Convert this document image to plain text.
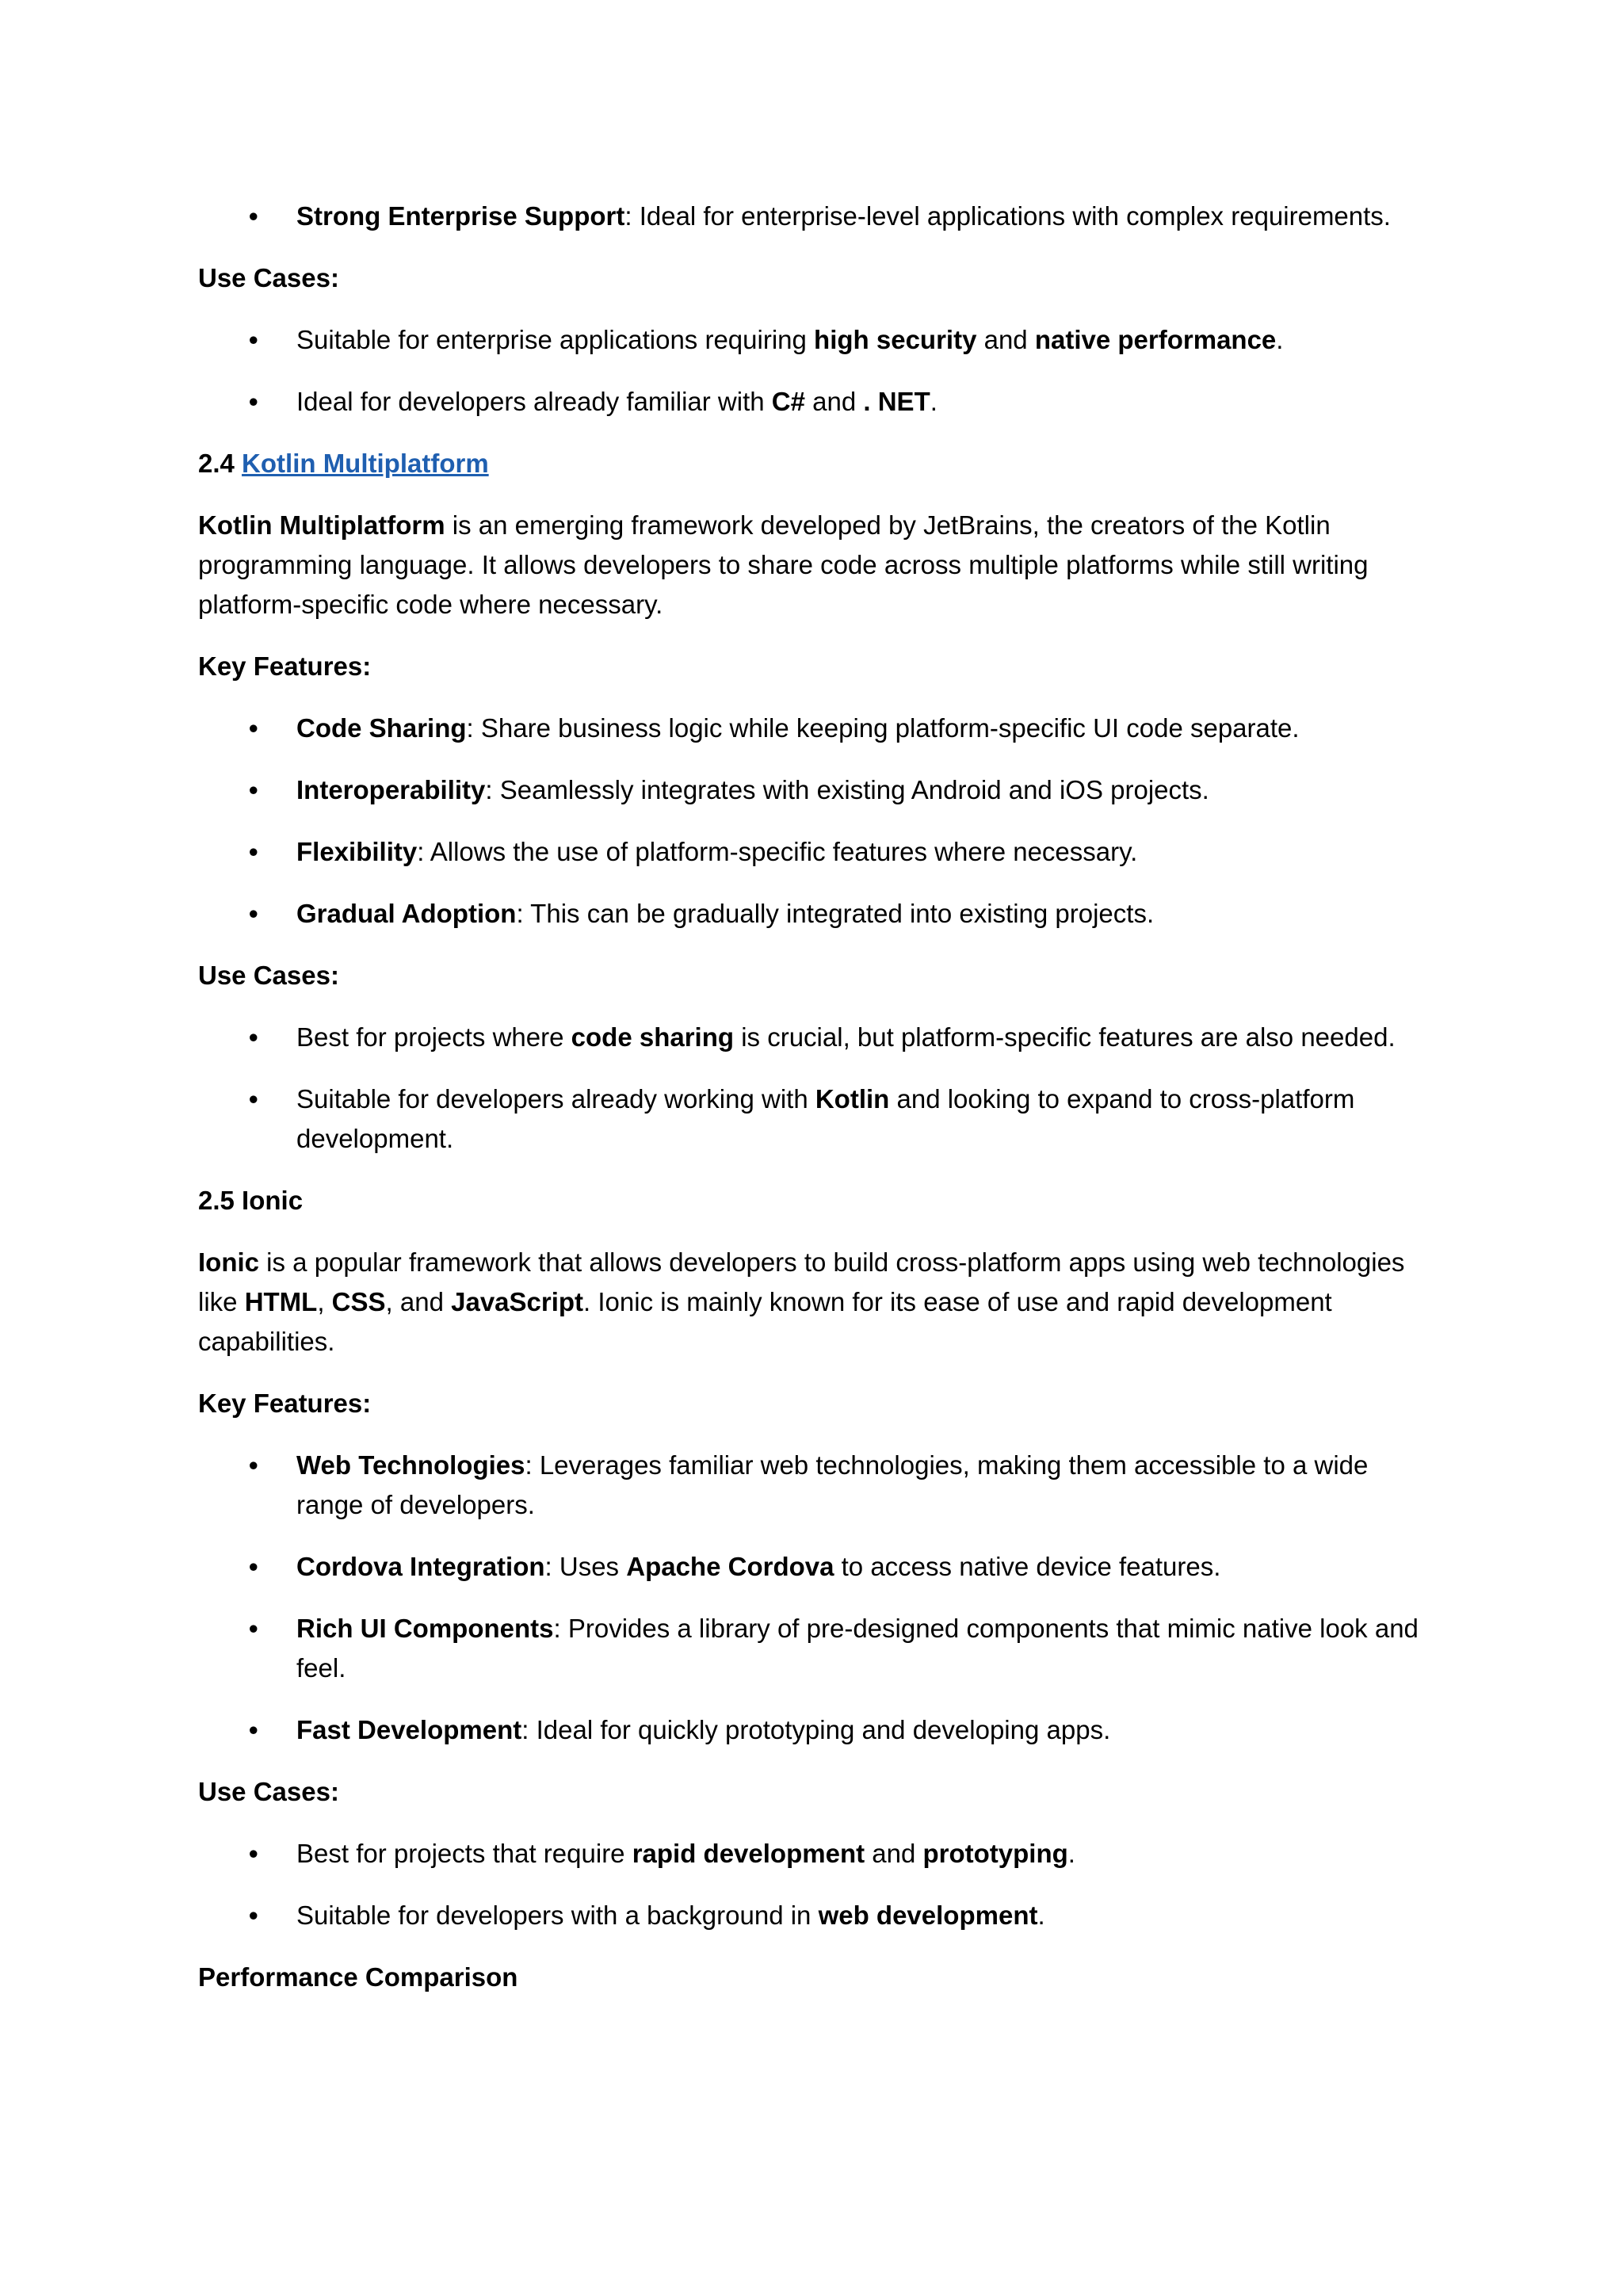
• Strong Enterprise Support: Ideal for enterprise-level applications with complex requirements.

Use Cases:

• Suitable for enterprise applications requiring high security and native performance.
• Ideal for developers already familiar with C# and . NET.

2.4 Kotlin Multiplatform

Kotlin Multiplatform is an emerging framework developed by JetBrains, the creators of the Kotlin programming language. It allows developers to share code across multiple platforms while still writing platform-specific code where necessary.

Key Features:

• Code Sharing: Share business logic while keeping platform-specific UI code separate.
• Interoperability: Seamlessly integrates with existing Android and iOS projects.
• Flexibility: Allows the use of platform-specific features where necessary.
• Gradual Adoption: This can be gradually integrated into existing projects.

Use Cases:

• Best for projects where code sharing is crucial, but platform-specific features are also needed.
• Suitable for developers already working with Kotlin and looking to expand to cross-platform development.

2.5 Ionic

Ionic is a popular framework that allows developers to build cross-platform apps using web technologies like HTML, CSS, and JavaScript. Ionic is mainly known for its ease of use and rapid development capabilities.

Key Features:

• Web Technologies: Leverages familiar web technologies, making them accessible to a wide range of developers.
• Cordova Integration: Uses Apache Cordova to access native device features.
• Rich UI Components: Provides a library of pre-designed components that mimic native look and feel.
• Fast Development: Ideal for quickly prototyping and developing apps.

Use Cases:

• Best for projects that require rapid development and prototyping.
• Suitable for developers with a background in web development.

Performance Comparison
